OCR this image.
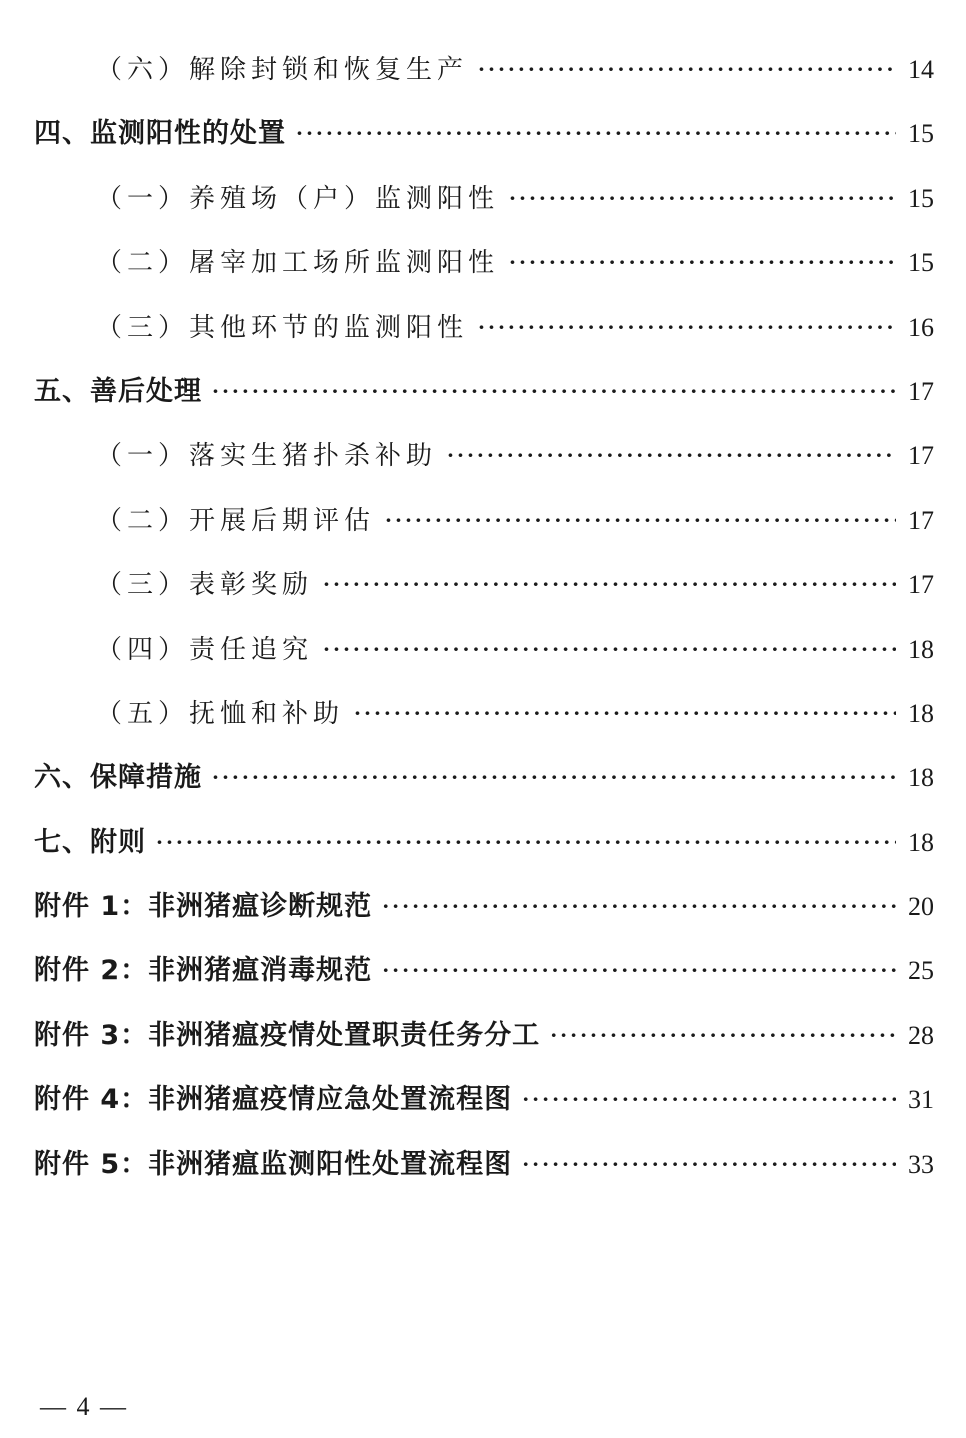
（六）解除封锁和恢复生产 ·····	14
四、监测阳性的处置 ·····	15
（一）养殖场（户）监测阳性 ·····	15
（二）屠宰加工场所监测阳性 ·····	15
（三）其他环节的监测阳性 ·····	16
五、善后处理 ·····	17
（一）落实生猪扑杀补助 ·····	17
（二）开展后期评估 ·····	17
（三）表彰奖励 ·····	17
（四）责任追究 ·····	18
（五）抚恤和补助 ·····	18
六、保障措施 ·····	18
七、附则 ·····	18
附件 1：非洲猪瘟诊断规范 ·····	20
附件 2：非洲猪瘟消毒规范 ·····	25
附件 3：非洲猪瘟疫情处置职责任务分工 ·····	28
附件 4：非洲猪瘟疫情应急处置流程图 ·····	31
附件 5：非洲猪瘟监测阳性处置流程图 ·····	33
— 4 —
